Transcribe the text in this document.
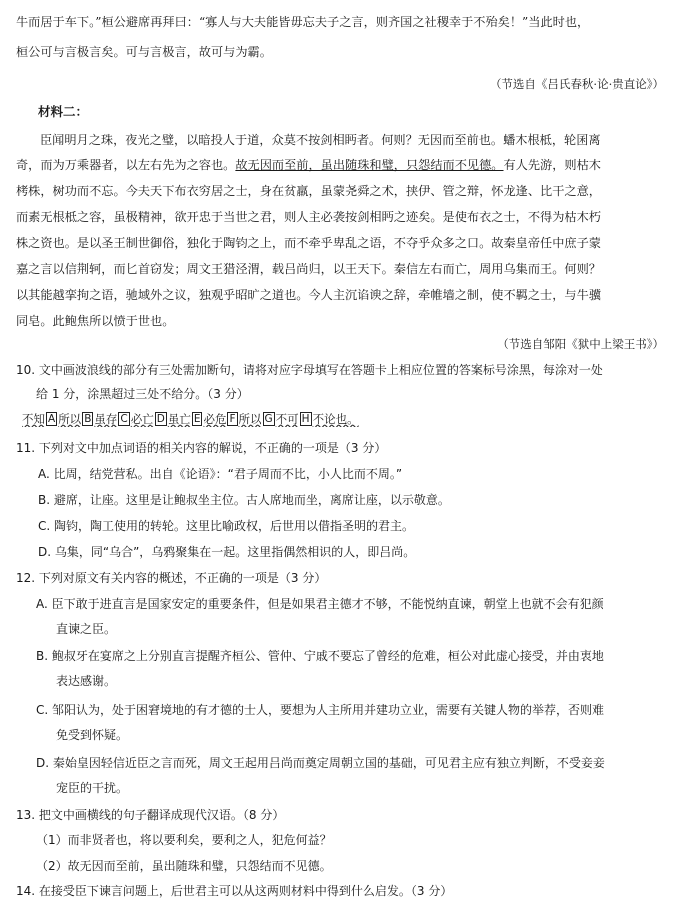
牛而居于车下。”桓公避席再拜曰：“寡人与大夫能皆毋忘夫子之言，则齐国之社稷幸于不殆矣！”当此时也，
桓公可与言极言矣。可与言极言，故可与为霸。
（节选自《吕氏春秋·论·贵直论》）
材料二：
臣闻明月之珠，夜光之璧，以暗投人于道，众莫不按剑相眄者。何则？无因而至前也。蟠木根柢，轮囷离
奇，而为万乘器者，以左右先为之容也。故无因而至前，虽出随珠和璧，只怨结而不见德。有人先游，则枯木
栲株，树功而不忘。今夫天下布衣穷居之士，身在贫羸，虽蒙尧舜之术，挟伊、管之辩，怀龙逢、比干之意，
而素无根柢之容，虽极精神，欲开忠于当世之君，则人主必袭按剑相眄之迹矣。是使布衣之士，不得为枯木朽
株之资也。是以圣王制世御俗，独化于陶钧之上，而不牵乎卑乱之语，不夺乎众多之口。故秦皇帝任中庶子蒙
嘉之言以信荆轲，而匕首窃发；周文王猎泾渭，载吕尚归，以王天下。秦信左右而亡，周用乌集而王。何则？
以其能越挛拘之语，驰域外之议，独观乎昭旷之道也。今人主沉谄谀之辞，牵帷墙之制，使不羁之士，与牛骥
同皂。此鲍焦所以愤于世也。
（节选自邹阳《狱中上梁王书》）
10. 文中画波浪线的部分有三处需加断句，请将对应字母填写在答题卡上相应位置的答案标号涂黑，每涂对一处
给 1 分，涂黑超过三处不给分。（3 分）
不知 A 所以 B 虽存 C 必亡 D 虽亡 E 必危 F 所以 G 不可 H 不论也。
11. 下列对文中加点词语的相关内容的解说，不正确的一项是（3 分）
A. 比周，结党营私。出自《论语》：“君子周而不比，小人比而不周。”
B. 避席，让座。这里是让鲍叔坐主位。古人席地而坐，离席让座，以示敬意。
C. 陶钧，陶工使用的转轮。这里比喻政权，后世用以借指圣明的君主。
D. 乌集，同“乌合”，乌鸦聚集在一起。这里指偶然相识的人，即吕尚。
12. 下列对原文有关内容的概述，不正确的一项是（3 分）
A. 臣下敢于进直言是国家安定的重要条件，但是如果君主德才不够，不能悦纳直谏，朝堂上也就不会有犯颜
直谏之臣。
B. 鲍叔牙在宴席之上分别直言提醒齐桓公、管仲、宁戚不要忘了曾经的危难，桓公对此虚心接受，并由衷地
表达感谢。
C. 邹阳认为，处于困窘境地的有才德的士人，要想为人主所用并建功立业，需要有关键人物的举荐，否则难
免受到怀疑。
D. 秦始皇因轻信近臣之言而死，周文王起用吕尚而奠定周朝立国的基础，可见君主应有独立判断，不受妾妾
宠臣的干扰。
13. 把文中画横线的句子翻译成现代汉语。（8 分）
（1）而非贤者也，将以要利矣，要利之人，犯危何益？
（2）故无因而至前，虽出随珠和璧，只怨结而不见德。
14. 在接受臣下谏言问题上，后世君主可以从这两则材料中得到什么启发。（3 分）
